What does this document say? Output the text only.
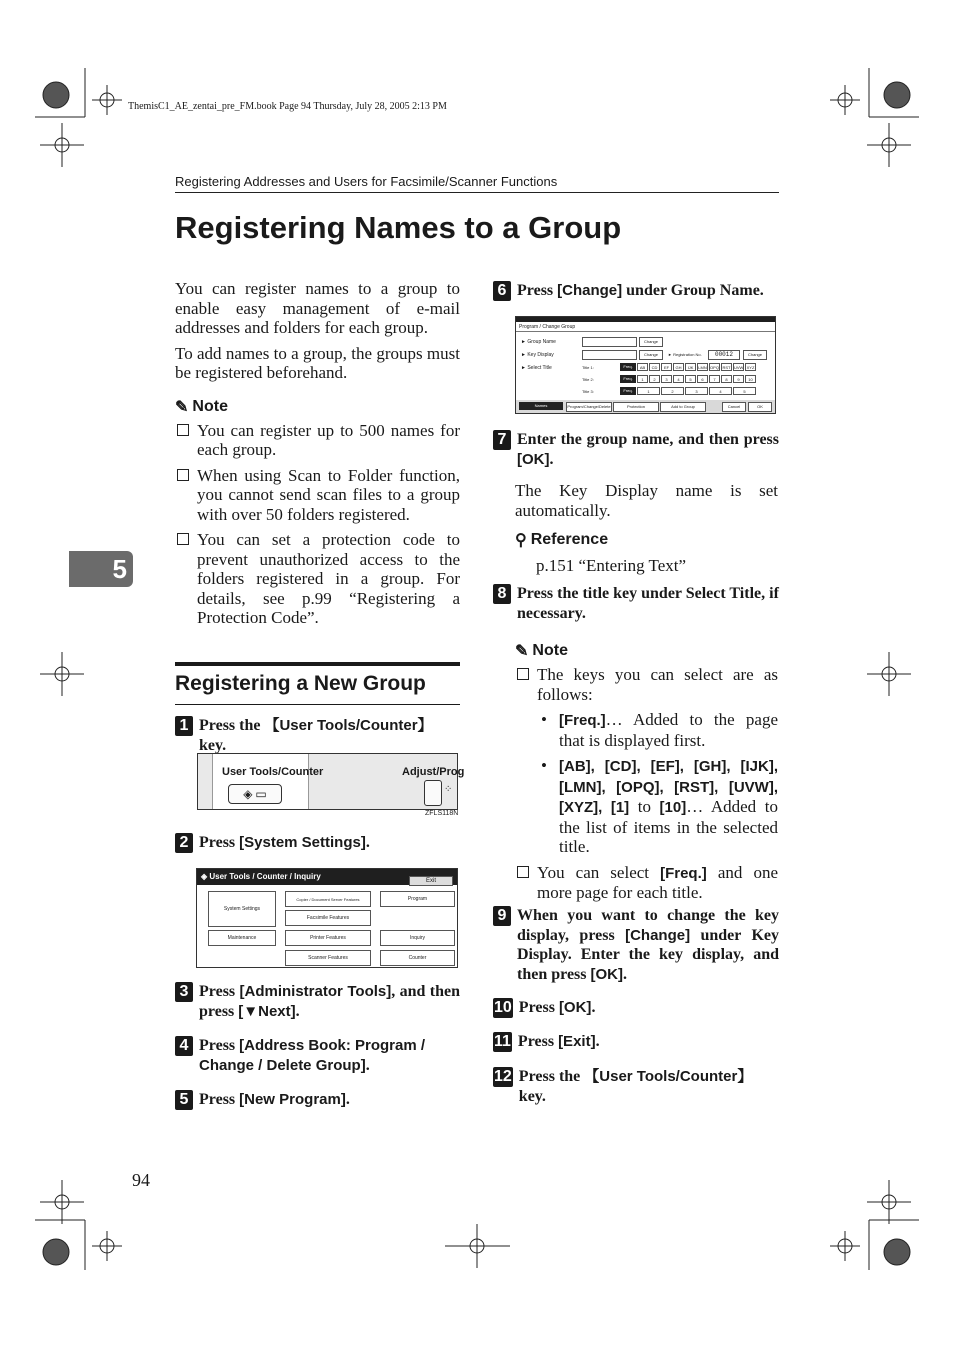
ThemisC1_AE_zentai_pre_FM.book Page 94 Thursday, July 28, 2005 2:13 PM
Registering Addresses and Users for Facsimile/Scanner Functions
Registering Names to a Group
5

You can register names to a group to enable easy management of e-mail addresses and folders for each group.

To add names to a group, the groups must be registered beforehand.

✎ Note
You can register up to 500 names for each group.
When using Scan to Folder function, you cannot send scan files to a group with over 50 folders registered.
You can set a protection code to prevent unauthorized access to the folders registered in a group. For details, see p.99 “Registering a Protection Code”.
Registering a New Group
1 Press the 【User Tools/Counter】 key.
User Tools/Counter	Adjust/Prog
◈ ▭	⁘
ZFLS118N
2 Press [System Settings].
◈ User Tools / Counter / Inquiry	Exit
System Settings
Maintenance
Copier / Document Server Features
Facsimile Features
Printer Features
Scanner Features
Program
Inquiry
Counter
3 Press [Administrator Tools], and then press [▼Next].
4 Press [Address Book: Program / Change / Delete Group].
5 Press [New Program].
6 Press [Change] under Group Name.
Program / Change Group
► Group Name	Change
► Key Display	Change	► Registration No.	00012	Change
► Select Title	Title 1:
Title 2:
Title 3:
Freq.	AB	CD	EF	GH	IJK	LMN OPQ RST UVW XYZ
Freq.	1	2	3	4	5	6	7	8	9	10
Freq.	1	2	3	4	5
Names	Program/Change/Delete	Protection	Add to Group	Cancel	OK
7 Enter the group name, and then press [OK].

The Key Display name is set automatically.

⚲ Reference

p.151 “Entering Text”

8 Press the title key under Select Title, if necessary.
✎ Note
The keys you can select are as follows:
• [Freq.]… Added to the page that is displayed first.
• [AB], [CD], [EF], [GH], [IJK], [LMN], [OPQ], [RST], [UVW], [XYZ], [1] to [10]… Added to the list of items in the selected title.
You can select [Freq.] and one more page for each title.
9 When you want to change the key display, press [Change] under Key Display. Enter the key display, and then press [OK].
10 Press [OK].
11 Press [Exit].
12 Press the 【User Tools/Counter】 key.
94
